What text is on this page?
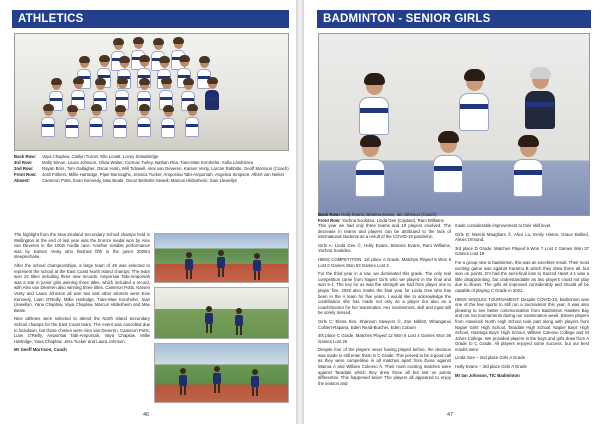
ATHLETICS
Back Row:	Vaya Chaplow, Caitlyn Turner, Elle Lovatt, Locey Strawbridge
3rd Row:	Molly Simon, Laura Johnson, Olivia Walter, Cormac Turley, Nathan Rea, Tiare-Mae Korohehe, Sofia Lambrineo
2nd Row:	Rayan Brirs, Tom Gallagher, Oscar Holm, Will Tidswell, Alex van Deveren, Karsen Vesty, Lorcan Rabbitte, Geoff Morrison (Coach)
Front Row:	Josh Folkers, Millie Hartridge, Piper Burroughs, Jessica Tucker, Amporsiai Tabi-Amporsah, Angelica Simpson, Albert van Nieker
Absent:	Cameron Potts, Evan Kennedy, Max Beale, Oscar Berkahn-Sewell, Marcus Hildesheim, Sian Llewellyn

The highlight from the New Zealand Secondary School champs held in Wellington at the end of last year was the bronze medal won by Alex van Deveren in the 100m hurdle race. Another notable performance was by Karsen Vesty who finished fifth in the junior 2000m steeplechase.

After the school championships, a large team of 49 was selected to represent the school at the East Coast North Island champs. The team won 22 titles including three new records. Amporsiai Tabi-Amporsah was a star in junior girls winning three titles, which included a record, with Alex van Deveren also winning three titles. Cameron Potts, Karsen Vesty and Laura Johnson all won two and other winners were Evie Kennedy, Liam O'Reilly, Millie Hartridge, Tiare-Mae Korohehe, Sian Llewellyn, Yana Chaplow, Vaya Chaplow, Marcus Hildesheim and Max Beale.

Nine athletes were selected to attend the North Island Secondary School champs for the East Coast team. The event was cancelled due to lockdown, but those chosen were Alex van Deveren, Cameron Potts, Liam O'Reilly, Amporsiai Tabi-Amporsah, Vaya Chaplow, Millie Hartridge, Yana Chaplow, Jess Tucker and Laura Johnson.

Mr Geoff Morrison, Coach

46
BADMINTON - SENIOR GIRLS
Back Row: Holly Evans, Brianna Evans, Ian Johnson (Coach)
Front Row: Yachna Sookdeo, Linda Gee (Captain), Rani Williams

This year we had only three teams and 10 players involved. The decrease in teams and players can be attributed to the lack of international students as a result of the COVID-19 pandemic.

Girls A: Linda Gee ©, Holly Evans, Brianna Evans, Rani Williams, Yachna Sookdeo.

HBSS COMPETITION: 1st place A Grade. Matches Played 8 Won 8 Lost 0 Games Won 63 Games Lost 3

For the third year in a row, we dominated this grade. The only real competition came from Napier Girls who we played in the final and won 5-1. The key for us was the strength we had from player one to player five. 2020 also marks the final year for Linda Gee who has been in the A team for five years. I would like to acknowledge the contribution she has made not only as a player but also as a coach/mentor for her teammates. Her involvement, skill and input will be sorely missed.

Girls C: Elena Kim, Shannon Sawyers ©, Zoe Niblett, Whanganui Colbert-Rapana, Eden Read-Butcher, Eden Coburn

4th place C Grade. Matches Played 12 Won 6 Lost 4 Games Won 36 Games Lost 26

Despite four of the players never having played before, the decision was made to still enter them in C Grade. This proved to be a good call as they were competitive in all matches apart from those against Wairoa A and William Colenso A. Their most exciting matches were against Taradale which they drew three all but lost on points differential. This happened twice! The players all appeared to enjoy the season and

made considerable improvement to their skill level.

Girls D: Mereiti Maugham ©, Alice Lu, Emily Hinton, Grace Bullied, Alexis Ormond.

3rd place D Grade. Matches Played 9 Won 7 Lost 2 Games Won 37 Games Lost 19

For a group new to badminton, this was an excellent result. Their most exciting game was against Karamu B which they drew three all, but won on points. D's had the semi-final loss to Sacred Heart 4-1 was a little disappointing, but understandable as two players could not play due to illness. The girls all improved considerably and should all be capable of playing C Grade in 2021.

HBSS SINGLES TOURNAMENT: Despite COVID-19, badminton was one of the few sports to still run a tournament this year. It was also pleasing to see better communication from Badminton Hawkes Bay and not run tournaments during our examination week. Eleven players from Havelock North High School took part along with players from Napier Girls' High School, Taradale High School, Napier Boys' High School, Hastings Boys' High School, William Colenso College and St Johns College. We provided players in the boys and girls draw from A Grade to C Grade. All players enjoyed some success, but our best results were:

Linda Gee – 2nd place Girls A Grade

Holly Evans – 3rd place Girls A Grade

Mr Ian Johnson, TIC Badminton

47
